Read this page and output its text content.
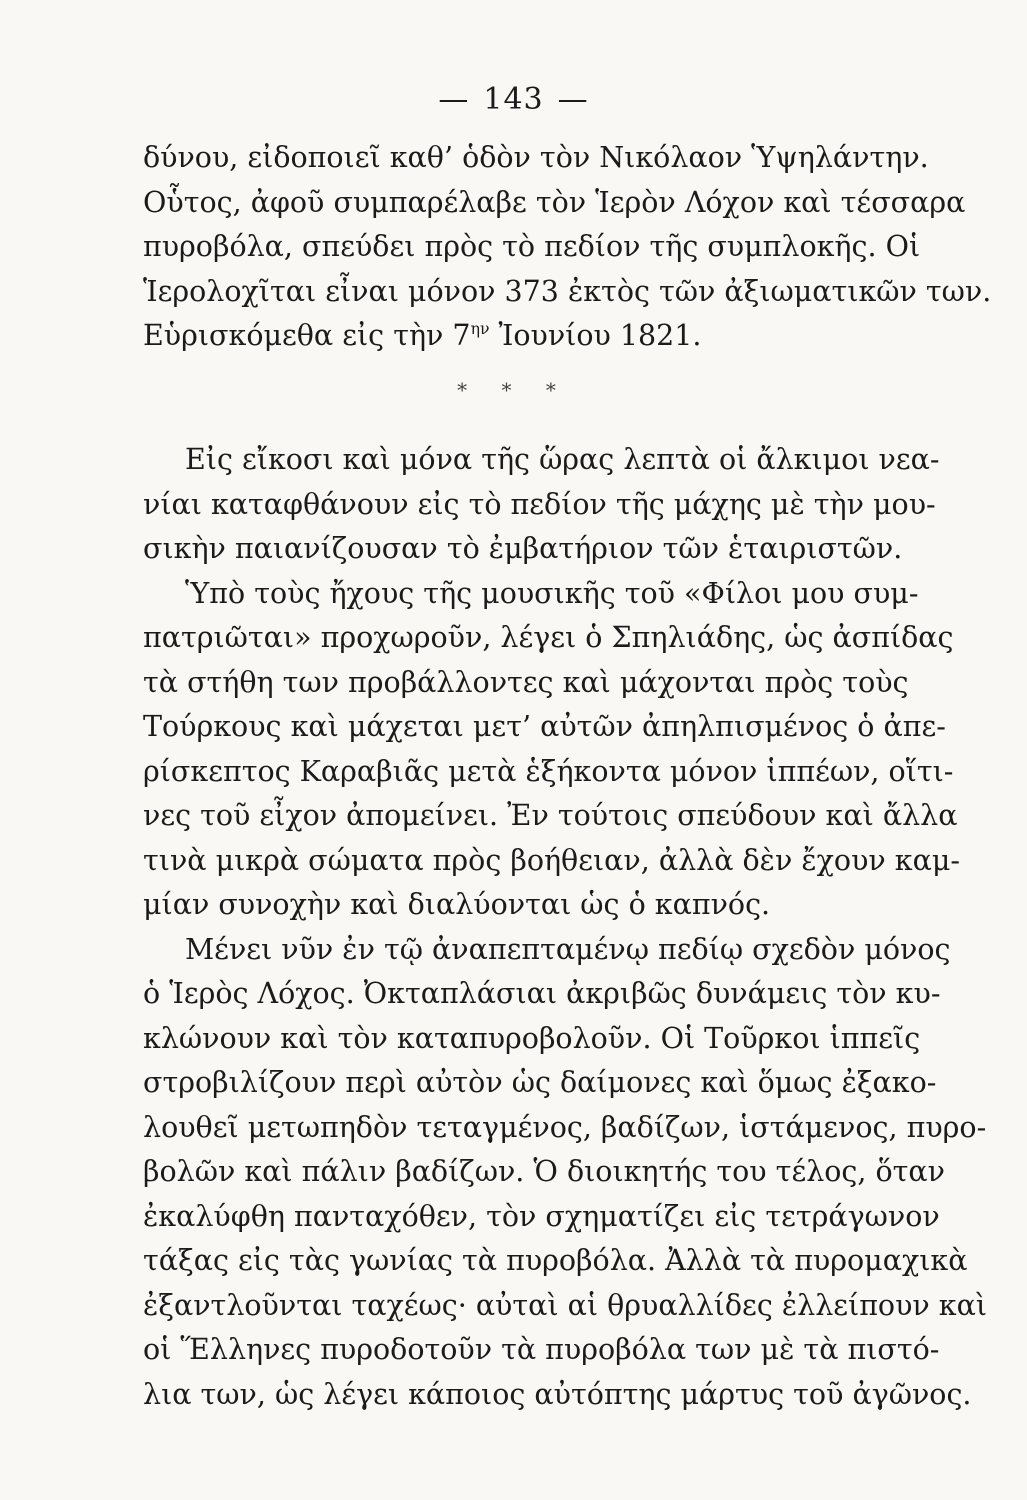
— 143 —
δύνου, εἰδοποιεῖ καθ’ ὁδὸν τὸν Νικόλαον Ὑψηλάντην.
Οὗτος, ἀφοῦ συμπαρέλαβε τὸν Ἱερὸν Λόχον καὶ τέσσαρα
πυροβόλα, σπεύδει πρὸς τὸ πεδίον τῆς συμπλοκῆς. Οἱ
Ἱερολοχῖται εἶναι μόνον 373 ἐκτὸς τῶν ἀξιωματικῶν των.
Εὑρισκόμεθα εἰς τὴν $7^{\eta\nu}$ Ἰουνίου 1821.
* * *
Εἰς εἴκοσι καὶ μόνα τῆς ὥρας λεπτὰ οἱ ἄλκιμοι νεα-
νίαι καταφθάνουν εἰς τὸ πεδίον τῆς μάχης μὲ τὴν μου-
σικὴν παιανίζουσαν τὸ ἐμβατήριον τῶν ἑταιριστῶν.
Ὑπὸ τοὺς ἤχους τῆς μουσικῆς τοῦ «Φίλοι μου συμ-
πατριῶται» προχωροῦν, λέγει ὁ Σπηλιάδης, ὡς ἀσπίδας
τὰ στήθη των προβάλλοντες καὶ μάχονται πρὸς τοὺς
Τούρκους καὶ μάχεται μετ’ αὐτῶν ἀπηλπισμένος ὁ ἀπε-
ρίσκεπτος Καραβιᾶς μετὰ ἑξήκοντα μόνον ἱππέων, οἵτι-
νες τοῦ εἶχον ἀπομείνει. Ἐν τούτοις σπεύδουν καὶ ἄλλα
τινὰ μικρὰ σώματα πρὸς βοήθειαν, ἀλλὰ δὲν ἔχουν καμ-
μίαν συνοχὴν καὶ διαλύονται ὡς ὁ καπνός.
Μένει νῦν ἐν τῷ ἀναπεπταμένῳ πεδίῳ σχεδὸν μόνος
ὁ Ἱερὸς Λόχος. Ὀκταπλάσιαι ἀκριβῶς δυνάμεις τὸν κυ-
κλώνουν καὶ τὸν καταπυροβολοῦν. Οἱ Τοῦρκοι ἱππεῖς
στροβιλίζουν περὶ αὐτὸν ὡς δαίμονες καὶ ὅμως ἐξακο-
λουθεῖ μετωπηδὸν τεταγμένος, βαδίζων, ἱστάμενος, πυρο-
βολῶν καὶ πάλιν βαδίζων. Ὁ διοικητής του τέλος, ὅταν
ἐκαλύφθη πανταχόθεν, τὸν σχηματίζει εἰς τετράγωνον
τάξας εἰς τὰς γωνίας τὰ πυροβόλα. Ἀλλὰ τὰ πυρομαχικὰ
ἐξαντλοῦνται ταχέως· αὐταὶ αἱ θρυαλλίδες ἐλλείπουν καὶ
οἱ Ἕλληνες πυροδοτοῦν τὰ πυροβόλα των μὲ τὰ πιστό-
λια των, ὡς λέγει κάποιος αὐτόπτης μάρτυς τοῦ ἀγῶνος.
